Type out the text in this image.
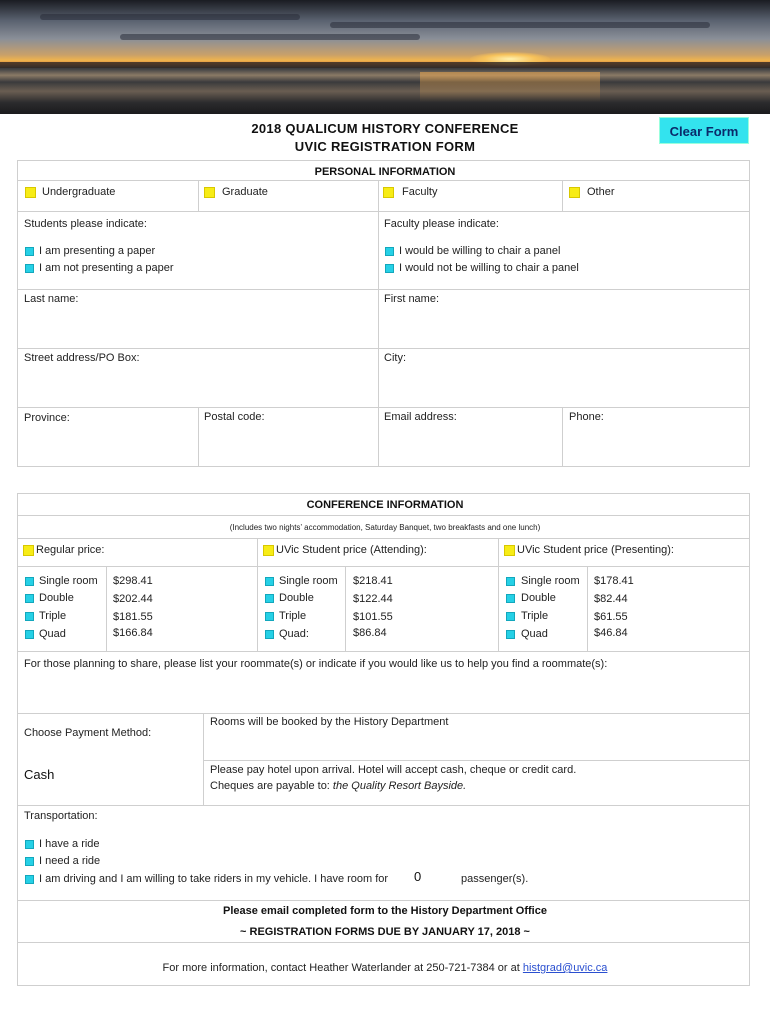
2018 QUALICUM HISTORY CONFERENCE
UVIC REGISTRATION FORM
Clear Form
PERSONAL INFORMATION
Undergraduate	Graduate	Faculty	Other
Students please indicate:
I am presenting a paper
I am not presenting a paper
Faculty please indicate:
I would be willing to chair a panel
I would not be willing to chair a panel
Last name:	First name:
Street address/PO Box:	City:
Province:	Postal code:	Email address:	Phone:
CONFERENCE INFORMATION
(Includes two nights’ accommodation, Saturday Banquet, two breakfasts and one lunch)
Regular price:
Single room $298.41
Double	$202.44
Triple	$181.55
Quad	$166.84
UVic Student price (Attending):
Single room $218.41
Double	$122.44
Triple	$101.55
Quad:	$86.84
UVic Student price (Presenting):
Single room $178.41
Double	$82.44
Triple	$61.55
Quad	$46.84
For those planning to share, please list your roommate(s) or indicate if you would like us to help you find a roommate(s):
Choose Payment Method:
Cash
Rooms will be booked by the History Department
Please pay hotel upon arrival. Hotel will accept cash, cheque or credit card.
Cheques are payable to: the Quality Resort Bayside.
Transportation:
I have a ride
I need a ride
I am driving and I am willing to take riders in my vehicle. I have room for 0	passenger(s).
Please email completed form to the History Department Office
~ REGISTRATION FORMS DUE BY JANUARY 17, 2018 ~
For more information, contact Heather Waterlander at 250-721-7384 or at histgrad@uvic.ca
